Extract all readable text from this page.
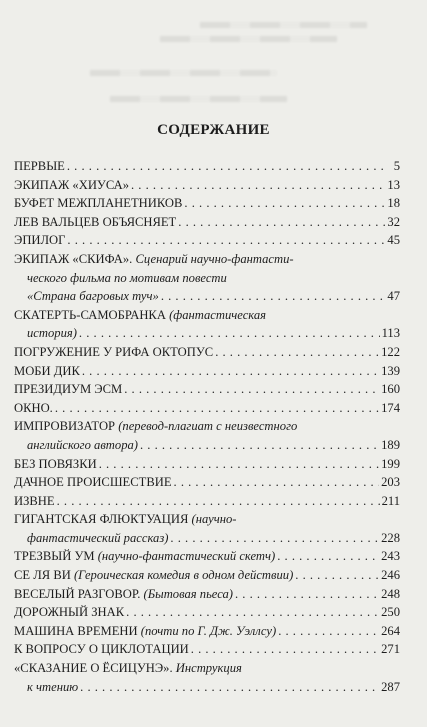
СОДЕРЖАНИЕ
ПЕРВЫЕ . . .	5
ЭКИПАЖ «ХИУСА» . . .	13
БУФЕТ МЕЖПЛАНЕТНИКОВ . . .	18
ЛЕВ ВАЛЬЦЕВ ОБЪЯСНЯЕТ . . .	32
ЭПИЛОГ . . .	45
ЭКИПАЖ «СКИФА». Сценарий научно-фантасти-
ческого фильма по мотивам повести
«Страна багровых туч» . . .	47
СКАТЕРТЬ-САМОБРАНКА (фантастическая
история) . . .	113
ПОГРУЖЕНИЕ У РИФА ОКТОПУС . . .	122
МОБИ ДИК . . .	139
ПРЕЗИДИУМ ЭСМ . . .	160
ОКНО. . . .	174
ИМПРОВИЗАТОР (перевод-плагиат с неизвестного
английского автора) . . .	189
БЕЗ ПОВЯЗКИ . . .	199
ДАЧНОЕ ПРОИСШЕСТВИЕ . . .	203
ИЗВНЕ . . .	211
ГИГАНТСКАЯ ФЛЮКТУАЦИЯ (научно-
фантастический рассказ) . . .	228
ТРЕЗВЫЙ УМ (научно-фантастический скетч) . . .	243
СЕ ЛЯ ВИ (Героическая комедия в одном действии) . . .	246
ВЕСЕЛЫЙ РАЗГОВОР. (Бытовая пьеса) . . .	248
ДОРОЖНЫЙ ЗНАК . . .	250
МАШИНА ВРЕМЕНИ (почти по Г. Дж. Уэллсу) . . .	264
К ВОПРОСУ О ЦИКЛОТАЦИИ . . .	271
«СКАЗАНИЕ О ЁСИЦУНЭ». Инструкция
к чтению . . .	287
